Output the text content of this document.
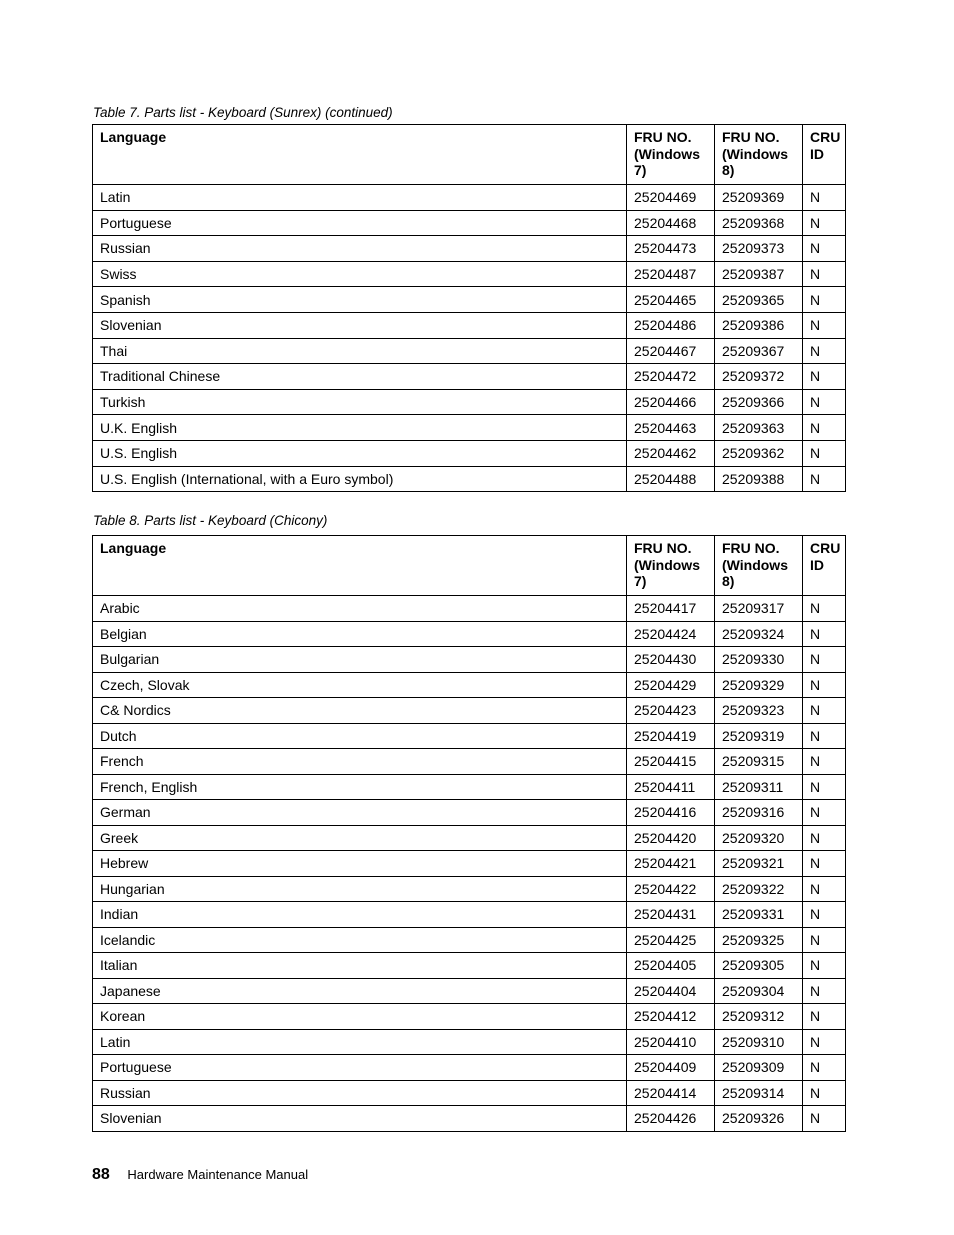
Table 7. Parts list - Keyboard (Sunrex) (continued)
Language	FRU NO. (Windows 7)	FRU NO. (Windows 8)	CRU ID
Latin	25204469	25209369	N
Portuguese	25204468	25209368	N
Russian	25204473	25209373	N
Swiss	25204487	25209387	N
Spanish	25204465	25209365	N
Slovenian	25204486	25209386	N
Thai	25204467	25209367	N
Traditional Chinese	25204472	25209372	N
Turkish	25204466	25209366	N
U.K. English	25204463	25209363	N
U.S. English	25204462	25209362	N
U.S. English (International, with a Euro symbol)	25204488	25209388	N
Table 8. Parts list - Keyboard (Chicony)
Language	FRU NO. (Windows 7)	FRU NO. (Windows 8)	CRU ID
Arabic	25204417	25209317	N
Belgian	25204424	25209324	N
Bulgarian	25204430	25209330	N
Czech, Slovak	25204429	25209329	N
C& Nordics	25204423	25209323	N
Dutch	25204419	25209319	N
French	25204415	25209315	N
French, English	25204411	25209311	N
German	25204416	25209316	N
Greek	25204420	25209320	N
Hebrew	25204421	25209321	N
Hungarian	25204422	25209322	N
Indian	25204431	25209331	N
Icelandic	25204425	25209325	N
Italian	25204405	25209305	N
Japanese	25204404	25209304	N
Korean	25204412	25209312	N
Latin	25204410	25209310	N
Portuguese	25204409	25209309	N
Russian	25204414	25209314	N
Slovenian	25204426	25209326	N
88 Hardware Maintenance Manual
